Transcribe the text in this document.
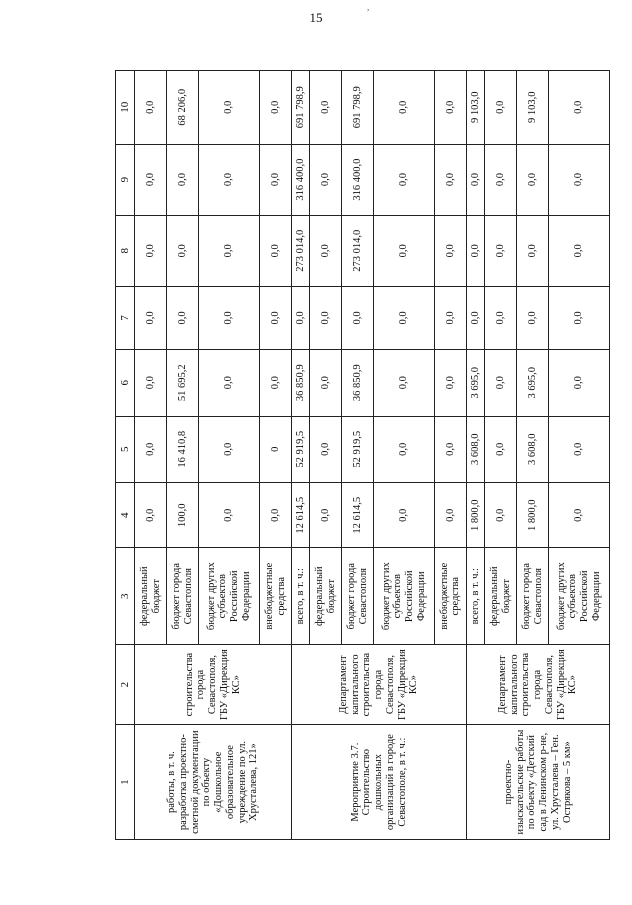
15
,
1	2	3	4	5	6	7	8	9	10
работы, в т. ч. разработка проектно-сметной документации по объекту «Дошкольное образовательное учреждение по ул. Хрусталева, 121»	строительства города Севастополя, ГБУ «Дирекция КС»	федеральный бюджет	0,0	0,0	0,0	0,0	0,0	0,0	0,0
		бюджет города Севастополя	100,0	16 410,8	51 695,2	0,0	0,0	0,0	68 206,0
		бюджет других субъектов Российской Федерации	0,0	0,0	0,0	0,0	0,0	0,0	0,0
		внебюджетные средства	0,0	0	0,0	0,0	0,0	0,0	0,0
Мероприятие 3.7. Строительство дошкольных организаций в городе Севастополе, в т. ч.:	Департамент капитального строительства города Севастополя, ГБУ «Дирекция КС»	всего, в т. ч.:	12 614,5	52 919,5	36 850,9	0,0	273 014,0	316 400,0	691 798,9
		федеральный бюджет	0,0	0,0	0,0	0,0	0,0	0,0	0,0
		бюджет города Севастополя	12 614,5	52 919,5	36 850,9	0,0	273 014,0	316 400,0	691 798,9
		бюджет других субъектов Российской Федерации	0,0	0,0	0,0	0,0	0,0	0,0	0,0
		внебюджетные средства	0,0	0,0	0,0	0,0	0,0	0,0	0,0
проектно-изыскательские работы по объекту «Детский сад в Ленинском р-не, ул. Хрусталева – Ген. Острякова – 5 км»	Департамент капитального строительства города Севастополя, ГБУ «Дирекция КС»	всего, в т. ч.:	1 800,0	3 608,0	3 695,0	0,0	0,0	0,0	9 103,0
		федеральный бюджет	0,0	0,0	0,0	0,0	0,0	0,0	0,0
		бюджет города Севастополя	1 800,0	3 608,0	3 695,0	0,0	0,0	0,0	9 103,0
		бюджет других субъектов Российской Федерации	0,0	0,0	0,0	0,0	0,0	0,0	0,0
